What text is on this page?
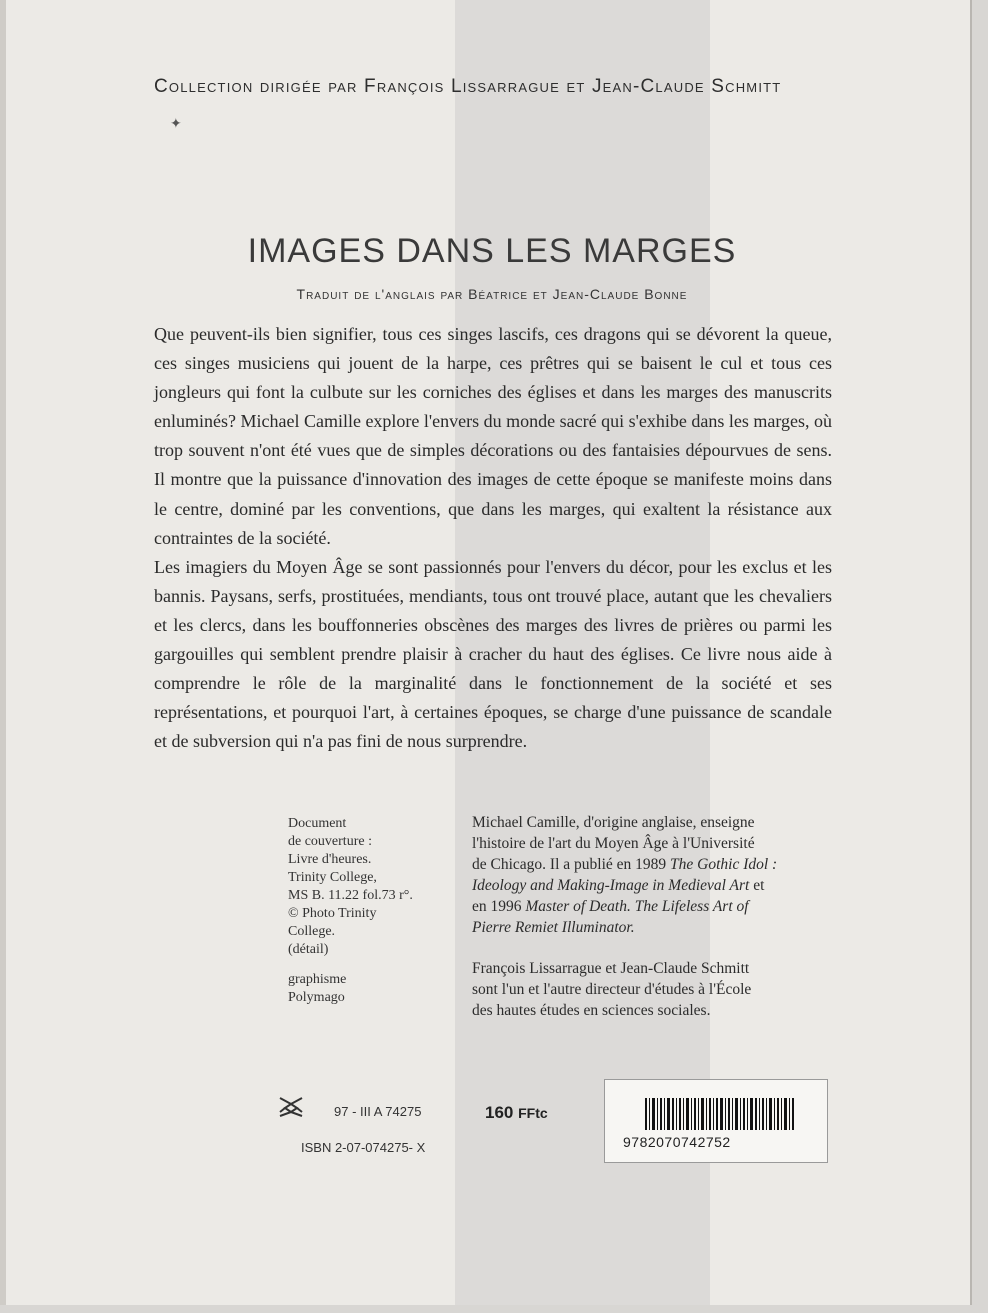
Collection dirigée par François Lissarrague et Jean-Claude Schmitt
✦
IMAGES DANS LES MARGES
Traduit de l'anglais par Béatrice et Jean-Claude Bonne

Que peuvent-ils bien signifier, tous ces singes lascifs, ces dragons qui se dévorent la queue, ces singes musiciens qui jouent de la harpe, ces prêtres qui se baisent le cul et tous ces jongleurs qui font la culbute sur les corniches des églises et dans les marges des manuscrits enluminés? Michael Camille explore l'envers du monde sacré qui s'exhibe dans les marges, où trop souvent n'ont été vues que de simples décorations ou des fantaisies dépourvues de sens. Il montre que la puissance d'innovation des images de cette époque se manifeste moins dans le centre, dominé par les conventions, que dans les marges, qui exaltent la résistance aux contraintes de la société.

Les imagiers du Moyen Âge se sont passionnés pour l'envers du décor, pour les exclus et les bannis. Paysans, serfs, prostituées, mendiants, tous ont trouvé place, autant que les chevaliers et les clercs, dans les bouffonneries obscènes des marges des livres de prières ou parmi les gargouilles qui semblent prendre plaisir à cracher du haut des églises. Ce livre nous aide à comprendre le rôle de la marginalité dans le fonctionnement de la société et ses représentations, et pourquoi l'art, à certaines époques, se charge d'une puissance de scandale et de subversion qui n'a pas fini de nous surprendre.

Document
de couverture :
Livre d'heures.
Trinity College,
MS B. 11.22 fol.73 r°.
© Photo Trinity
College.
(détail)
graphisme
Polymago

Michael Camille, d'origine anglaise, enseigne
l'histoire de l'art du Moyen Âge à l'Université
de Chicago. Il a publié en 1989 The Gothic Idol :
Ideology and Making-Image in Medieval Art et
en 1996 Master of Death. The Lifeless Art of
Pierre Remiet Illuminator.

François Lissarrague et Jean-Claude Schmitt
sont l'un et l'autre directeur d'études à l'École
des hautes études en sciences sociales.

97 - III A 74275	160 FFtc
ISBN 2-07-074275- X	9782070742752
